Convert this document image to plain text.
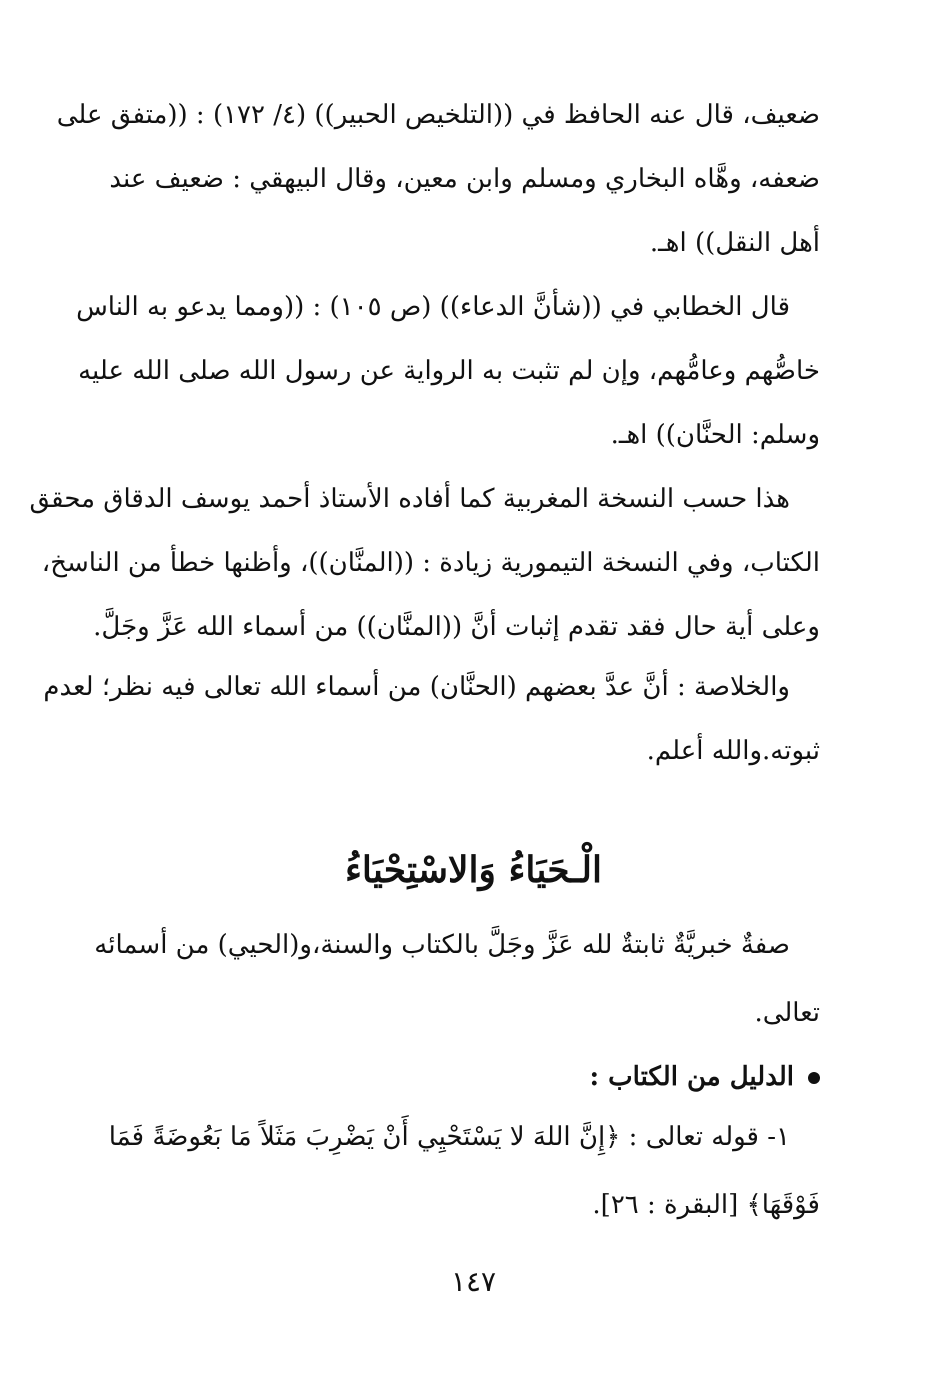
ضعيف، قال عنه الحافظ في ((التلخيص الحبير)) (٤/ ١٧٢) : ((متفق على
ضعفه، وهَّاه البخاري ومسلم وابن معين، وقال البيهقي : ضعيف عند
أهل النقل)) اهـ.
قال الخطابي في ((شأنَّ الدعاء)) (ص ١٠٥) : ((ومما يدعو به الناس
خاصُّهم وعامُّهم، وإن لم تثبت به الرواية عن رسول الله صلى الله عليه
وسلم: الحنَّان)) اهـ.
هذا حسب النسخة المغربية كما أفاده الأستاذ أحمد يوسف الدقاق محقق
الكتاب، وفي النسخة التيمورية زيادة : ((المنَّان))، وأظنها خطأ من الناسخ،
وعلى أية حال فقد تقدم إثبات أنَّ ((المنَّان)) من أسماء الله عَزَّ وجَلَّ.
والخلاصة : أنَّ عدَّ بعضهم (الحنَّان) من أسماء الله تعالى فيه نظر؛ لعدم
ثبوته.والله أعلم.
الْـحَيَاءُ وَالاسْتِحْيَاءُ
صفةٌ خبريَّةٌ ثابتةٌ لله عَزَّ وجَلَّ بالكتاب والسنة،و(الحيي) من أسمائه
تعالى.
الدليل من الكتاب :
١- قوله تعالى : ﴿إِنَّ اللهَ لا يَسْتَحْيِي أَنْ يَضْرِبَ مَثَلاً مَا بَعُوضَةً فَمَا
فَوْقَهَا﴾ [البقرة : ٢٦].
١٤٧
